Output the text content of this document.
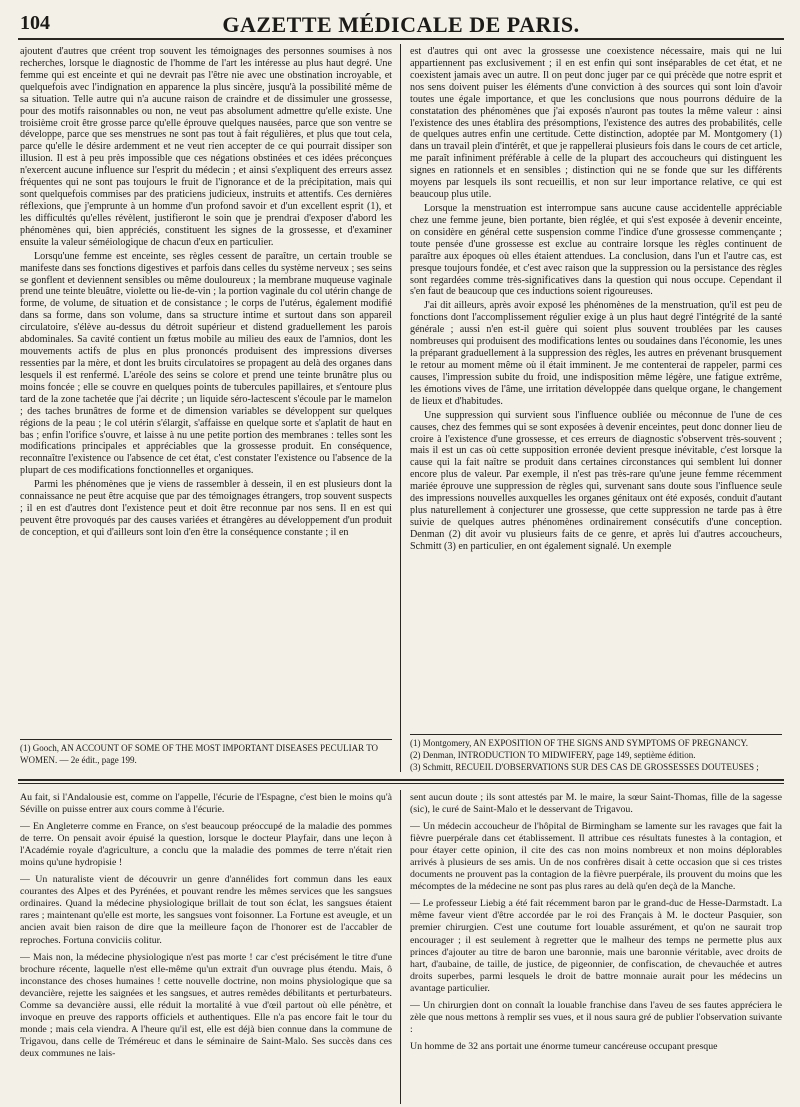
104	GAZETTE MÉDICALE DE PARIS.

ajoutent d'autres que créent trop souvent les témoignages des personnes soumises à nos recherches, lorsque le diagnostic de l'homme de l'art les intéresse au plus haut degré. Une femme qui est enceinte et qui ne devrait pas l'être nie avec une obstination incroyable, et quelquefois avec l'indignation en apparence la plus sincère, jusqu'à la possibilité même de sa situation. Telle autre qui n'a aucune raison de craindre et de dissimuler une grossesse, pour des motifs raisonnables ou non, ne veut pas absolument admettre qu'elle existe. Une troisième croit être grosse parce qu'elle éprouve quelques nausées, parce que son ventre se développe, parce que ses menstrues ne sont pas tout à fait régulières, et plus que tout cela, parce qu'elle le désire ardemment et ne veut rien accepter de ce qui pourrait dissiper son illusion. Il est à peu près impossible que ces négations obstinées et ces idées préconçues n'exercent aucune influence sur l'esprit du médecin ; et ainsi s'expliquent des erreurs assez fréquentes qui ne sont pas toujours le fruit de l'ignorance et de la précipitation, mais qui sont quelquefois commises par des praticiens judicieux, instruits et attentifs. Ces dernières réflexions, que j'emprunte à un homme d'un profond savoir et d'un excellent esprit (1), et les difficultés qu'elles révèlent, justifieront le soin que je prendrai d'exposer d'abord les phénomènes qui, bien appréciés, constituent les signes de la grossesse, et d'examiner ensuite la valeur séméiologique de chacun d'eux en particulier.

Lorsqu'une femme est enceinte, ses règles cessent de paraître, un certain trouble se manifeste dans ses fonctions digestives et parfois dans celles du système nerveux ; ses seins se gonflent et deviennent sensibles ou même douloureux ; la membrane muqueuse vaginale prend une teinte bleuâtre, violette ou lie-de-vin ; la portion vaginale du col utérin change de forme, de volume, de situation et de consistance ; le corps de l'utérus, également modifié dans sa forme, dans son volume, dans sa structure intime et surtout dans son appareil circulatoire, s'élève au-dessus du détroit supérieur et distend graduellement les parois abdominales. Sa cavité contient un fœtus mobile au milieu des eaux de l'amnios, dont les mouvements actifs de plus en plus prononcés produisent des impressions diverses ressenties par la mère, et dont les bruits circulatoires se propagent au delà des organes dans lesquels il est renfermé. L'aréole des seins se colore et prend une teinte brunâtre plus ou moins foncée ; elle se couvre en quelques points de tubercules papillaires, et s'entoure plus tard de la zone tachetée que j'ai décrite ; un liquide séro-lactescent s'écoule par le mamelon ; des taches brunâtres de forme et de dimension variables se développent sur quelques régions de la peau ; le col utérin s'élargit, s'affaisse en quelque sorte et s'aplatit de haut en bas ; enfin l'orifice s'ouvre, et laisse à nu une petite portion des membranes : telles sont les modifications principales et appréciables que la grossesse produit. En conséquence, reconnaître l'existence ou l'absence de cet état, c'est constater l'existence ou l'absence de la plupart de ces modifications fonctionnelles et organiques.

Parmi les phénomènes que je viens de rassembler à dessein, il en est plusieurs dont la connaissance ne peut être acquise que par des témoignages étrangers, trop souvent suspects ; il en est d'autres dont l'existence peut et doit être reconnue par nos sens. Il en est qui peuvent être provoqués par des causes variées et étrangères au développement d'un produit de conception, et qui d'ailleurs sont loin d'en être la conséquence constante ; il en

est d'autres qui ont avec la grossesse une coexistence nécessaire, mais qui ne lui appartiennent pas exclusivement ; il en est enfin qui sont inséparables de cet état, et ne coexistent jamais avec un autre. Il on peut donc juger par ce qui précède que notre esprit et nos sens doivent puiser les éléments d'une conviction à des sources qui sont loin d'avoir toutes une égale importance, et que les conclusions que nous pourrons déduire de la constatation des phénomènes que j'ai exposés n'auront pas toutes la même valeur : ainsi l'existence des unes établira des présomptions, l'existence des autres des probabilités, celle de quelques autres enfin une certitude. Cette distinction, adoptée par M. Montgomery (1) dans un travail plein d'intérêt, et que je rappellerai plusieurs fois dans le cours de cet article, me paraît infiniment préférable à celle de la plupart des accoucheurs qui distinguent les signes en rationnels et en sensibles ; distinction qui ne se fonde que sur les différents moyens par lesquels ils sont recueillis, et non sur leur importance relative, ce qui est beaucoup plus utile.

Lorsque la menstruation est interrompue sans aucune cause accidentelle appréciable chez une femme jeune, bien portante, bien réglée, et qui s'est exposée à devenir enceinte, on considère en général cette suspension comme l'indice d'une grossesse commençante ; toute pensée d'une grossesse est exclue au contraire lorsque les règles continuent de paraître aux époques où elles étaient attendues. La conclusion, dans l'un et l'autre cas, est presque toujours fondée, et c'est avec raison que la suppression ou la persistance des règles sont regardées comme très-significatives dans la question qui nous occupe. Cependant il s'en faut de beaucoup que ces inductions soient rigoureuses.

J'ai dit ailleurs, après avoir exposé les phénomènes de la menstruation, qu'il est peu de fonctions dont l'accomplissement régulier exige à un plus haut degré l'intégrité de la santé générale ; aussi n'en est-il guère qui soient plus souvent troublées par les causes nombreuses qui produisent des modifications lentes ou soudaines dans l'économie, les unes la préparant graduellement à la suppression des règles, les autres en prévenant brusquement le retour au moment même où il était imminent. Je me contenterai de rappeler, parmi ces causes, l'impression subite du froid, une indisposition même légère, une fatigue extrême, les émotions vives de l'âme, une irritation développée dans quelque organe, le changement de lieux et d'habitudes.

Une suppression qui survient sous l'influence oubliée ou méconnue de l'une de ces causes, chez des femmes qui se sont exposées à devenir enceintes, peut donc donner lieu de croire à l'existence d'une grossesse, et ces erreurs de diagnostic s'observent très-souvent ; mais il est un cas où cette supposition erronée devient presque inévitable, c'est lorsque la cause qui la fait naître se produit dans certaines circonstances qui semblent lui donner encore plus de valeur. Par exemple, il n'est pas très-rare qu'une jeune femme récemment mariée éprouve une suppression de règles qui, survenant sans doute sous l'influence seule des impressions nouvelles auxquelles les organes génitaux ont été exposés, conduit d'autant plus naturellement à conjecturer une grossesse, que cette suppression ne tarde pas à être suivie de quelques autres phénomènes ordinairement consécutifs d'une conception. Denman (2) dit avoir vu plusieurs faits de ce genre, et après lui d'autres accoucheurs, Schmitt (3) en particulier, en ont également signalé. Un exemple

(1) Gooch, AN ACCOUNT OF SOME OF THE MOST IMPORTANT DISEASES PECULIAR TO WOMEN. — 2e édit., page 199.
(1) Montgomery, AN EXPOSITION OF THE SIGNS AND SYMPTOMS OF PREGNANCY.
(2) Denman, INTRODUCTION TO MIDWIFERY, page 149, septième édition.
(3) Schmitt, RECUEIL D'OBSERVATIONS SUR DES CAS DE GROSSESSES DOUTEUSES ;

Au fait, si l'Andalousie est, comme on l'appelle, l'écurie de l'Espagne, c'est bien le moins qu'à Séville on puisse entrer aux cours comme à l'écurie.

— En Angleterre comme en France, on s'est beaucoup préoccupé de la maladie des pommes de terre. On pensait avoir épuisé la question, lorsque le docteur Playfair, dans une leçon à l'Académie royale d'agriculture, a conclu que la maladie des pommes de terre n'était rien moins qu'une hydropisie !

— Un naturaliste vient de découvrir un genre d'annélides fort commun dans les eaux courantes des Alpes et des Pyrénées, et pouvant rendre les mêmes services que les sangsues ordinaires. Quand la médecine physiologique brillait de tout son éclat, les sangsues étaient rares ; maintenant qu'elle est morte, les sangsues vont foisonner. La Fortune est aveugle, et un ancien avait bien raison de dire que la meilleure façon de l'honorer est de l'accabler de reproches. Fortuna conviciis colitur.

— Mais non, la médecine physiologique n'est pas morte ! car c'est précisément le titre d'une brochure récente, laquelle n'est elle-même qu'un extrait d'un ouvrage plus étendu. Mais, ô inconstance des choses humaines ! cette nouvelle doctrine, non moins physiologique que sa devancière, rejette les saignées et les sangsues, et autres remèdes débilitants et perturbateurs. Comme sa devancière aussi, elle réduit la mortalité à vue d'œil partout où elle pénètre, et invoque en preuve des rapports officiels et authentiques. Elle n'a pas encore fait le tour du monde ; mais cela viendra. A l'heure qu'il est, elle est déjà bien connue dans la commune de Trigavou, dans celle de Tréméreuc et dans le séminaire de Saint-Malo. Ses succès dans ces deux communes ne lais-

sent aucun doute ; ils sont attestés par M. le maire, la sœur Saint-Thomas, fille de la sagesse (sic), le curé de Saint-Malo et le desservant de Trigavou.

— Un médecin accoucheur de l'hôpital de Birmingham se lamente sur les ravages que fait la fièvre puerpérale dans cet établissement. Il attribue ces résultats funestes à la contagion, et pour étayer cette opinion, il cite des cas non moins nombreux et non moins déplorables arrivés à plusieurs de ses amis. Un de nos confrères disait à cette occasion que si ces tristes documents ne prouvent pas la contagion de la fièvre puerpérale, ils prouvent du moins que les mécomptes de la médecine ne sont pas plus rares au delà qu'en deçà de la Manche.

— Le professeur Liebig a été fait récemment baron par le grand-duc de Hesse-Darmstadt. La même faveur vient d'être accordée par le roi des Français à M. le docteur Pasquier, son premier chirurgien. C'est une coutume fort louable assurément, et qu'on ne saurait trop encourager ; il est seulement à regretter que le malheur des temps ne permette plus aux princes d'ajouter au titre de baron une baronnie, mais une baronnie véritable, avec droits de hart, d'aubaine, de taille, de justice, de pigeonnier, de confiscation, de chevauchée et autres droits superbes, parmi lesquels le droit de battre monnaie aurait pour les médecins un avantage particulier.

— Un chirurgien dont on connaît la louable franchise dans l'aveu de ses fautes appréciera le zèle que nous mettons à remplir ses vues, et il nous saura gré de publier l'observation suivante :

Un homme de 32 ans portait une énorme tumeur cancéreuse occupant presque
